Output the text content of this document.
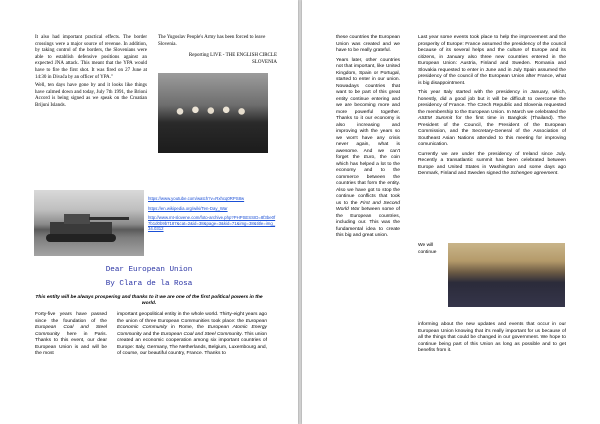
It also had important practical effects. The border crossings were a major source of revenue. In addition, by taking control of the borders, the Slovenians were able to establish defensive positions against an expected JNA attack. This meant that the YPA would have to fire the first shot. It was fired on 27 June at 14:30 in Divača by an officer of YPA."

Well, ten days have gone by and it looks like things have calmed down and today, July 7th 1991, the Brioni Accord is being signed as we speak on the Croatian Brijuni Islands.

The Yugoslav People's Army has been forced to leave Slovenia.
Reporting LIVE - THE ENGLISH CIRCLE SLOVENIA
https://www.youtube.com/watch?v=Rxhcq0RPS8w
https://en.wikipedia.org/wiki/Ten-Day_War
http://www.mt-slovene.com/foto-archive.php?PHPSESSID=8f3be0f7b1d0b9b7187&cat=2&id=38&page=3&kid=71&img=38&title=img_34.0312
Dear European Union
By Clara de la Rosa
This entity will be always prospering and thanks to it we are one of the first political powers in the world.
Forty-five years have passed since the foundation of the European Coal and Steel Community here in Paris. Thanks to this event, our dear European Union is and will be the most
important geopolitical entity in the whole world. Thirty-eight years ago the union of three European Communities took place: the European Economic Community in Rome, the European Atomic Energy Community and the European Coal and Steel Community. This union created an economic cooperation among six important countries of Europe: Italy, Germany, The Netherlands, Belgium, Luxembourg and, of course, our beautiful country, France. Thanks to

these countries the European Union was created and we have to be really grateful.

Years later, other countries not that important, like United Kingdom, Spain or Portugal, started to enter in our union. Nowadays countries that want to be part of this great entity continue entering and we are becoming more and more powerful together. Thanks to it our economy is also increasing and improving with the years so we won't have any crisis never again, what is awesome. And we can't forget the Euro, the coin which has helped a lot to the economy and to the commerce between the countries that form the entity. Also we have got to stop the continue conflicts that took us to the First and Second World War between some of the European countries, including our. This was the fundamental idea to create this big and great union.

Last year some events took place to help the improvement and the prosperity of Europe: France assumed the presidency of the council because of its several helps and the culture of Europe and its citizens, in January also three new countries entered in the European Union: Austria, Finland and Sweden. Romania and Slovakia requested to enter in June and in July Spain assumed the presidency of the council of the European Union after France, what is big disappointment.

This year Italy started with the presidency in January, which, honestly, did a good job but it will be difficult to overcome the presidency of France. The Czech Republic and Slovenia requested the membership to the European Union. In March we celebrated the ASEM Summit for the first time in Bangkok (Thailand). The President of the Council, the President of the European Commission, and the Secretary-General of the Association of Southeast Asian Nations attended to this meeting for improving comunication.

Currently we are under the presidency of Ireland since July. Recently a transatlantic summit has been celebrated between Europe and United States in Washington and some days ago Denmark, Finland and Sweden signed the Schengen agreement.

We will continue
informing about the new updates and events that occur in our European Union knowing that it's really important for us because of all the things that could be changed in our government. We hope to continue being part of this Union as long as possible and to get benefits from it.
